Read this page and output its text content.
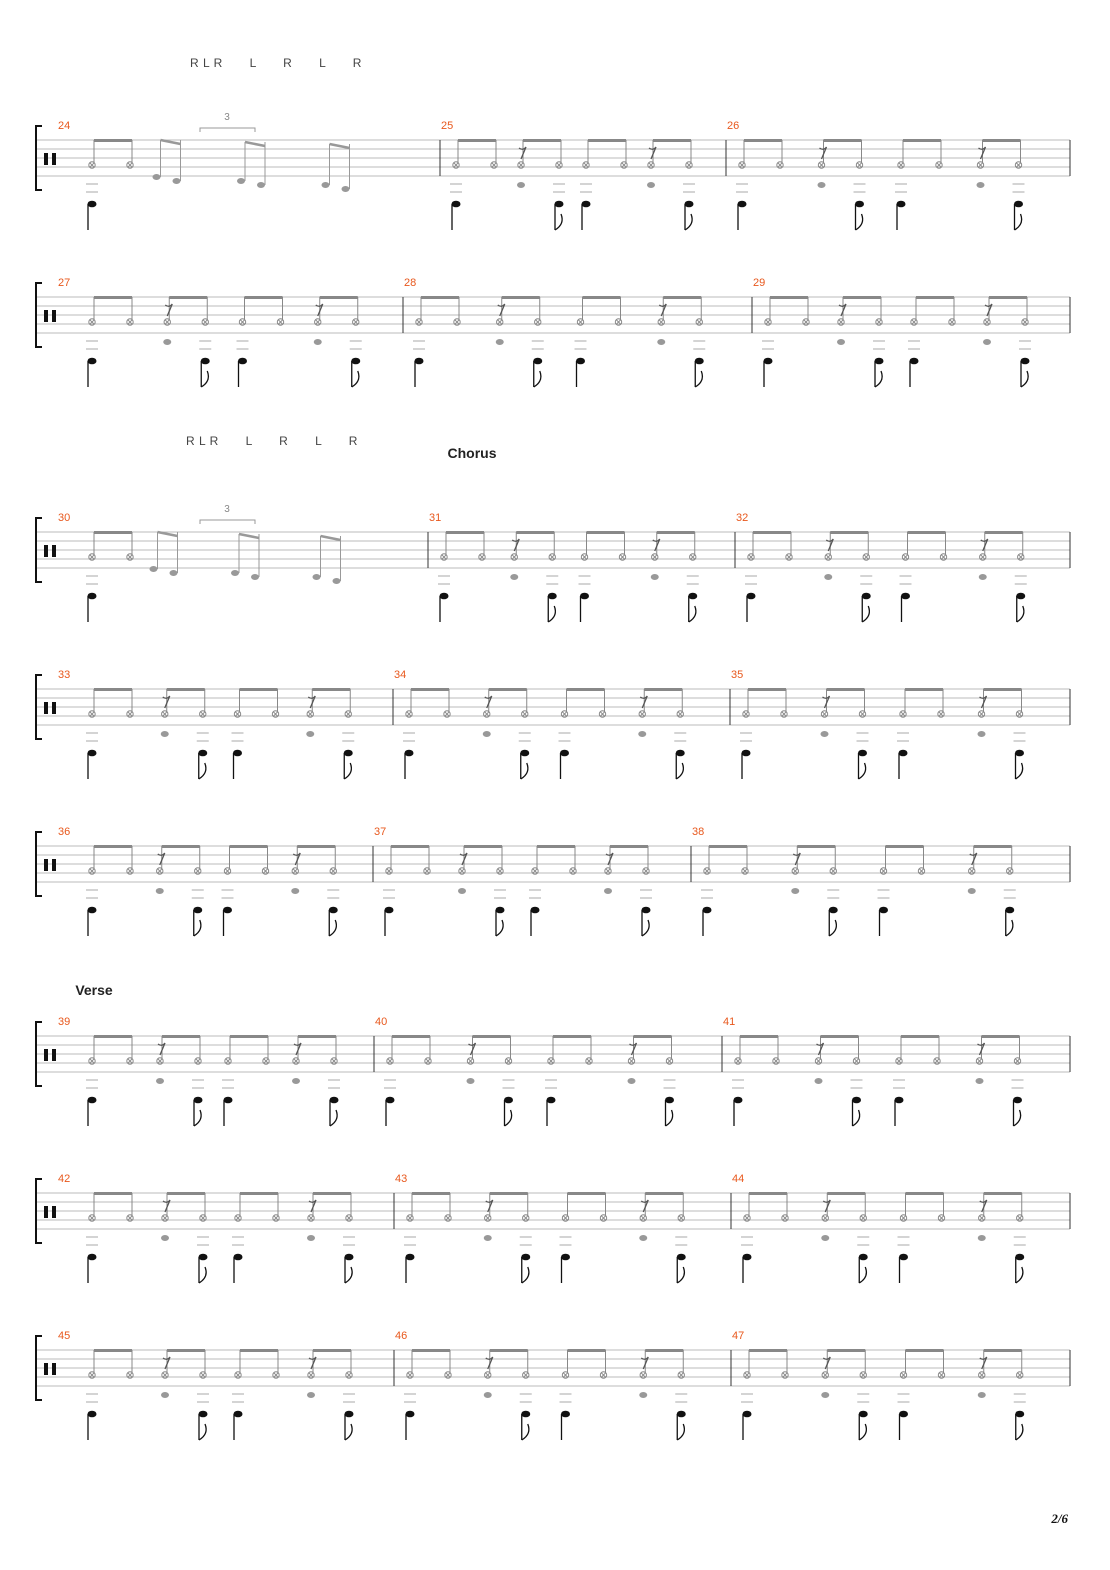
24	25	26
R L R       L       R       L       R
3
27	28	29
30	31	32
R L R       L       R       L       R
Chorus
3
33	34	35
36	37	38
39	40	41
Verse
42	43	44
45	46	47
2/6
